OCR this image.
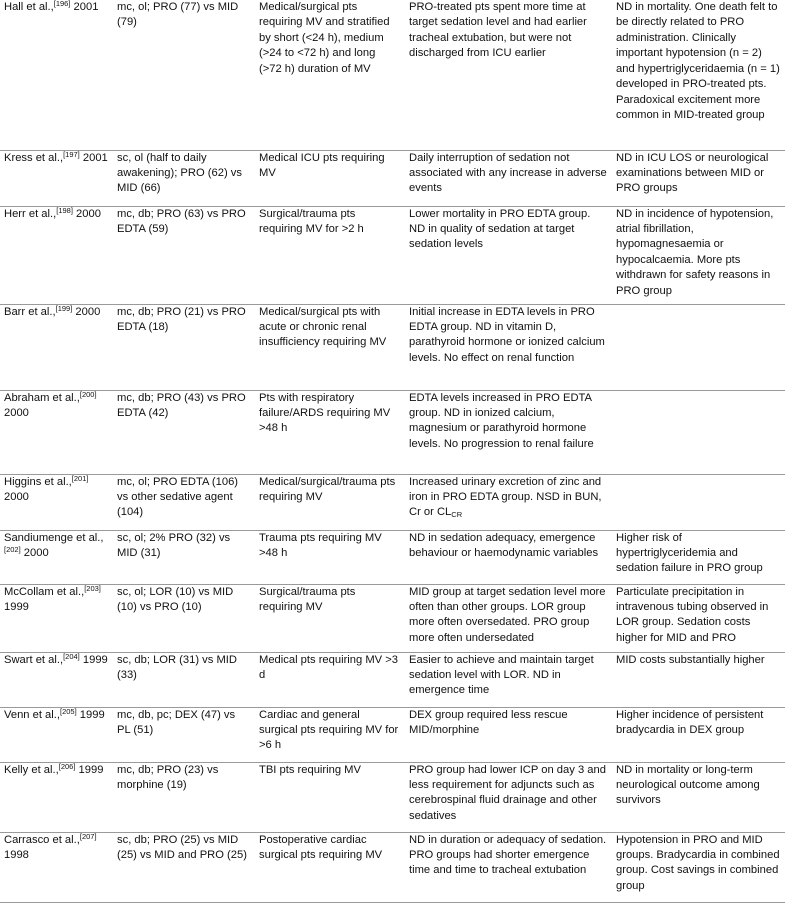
Hall et al.,[196] 2001	mc, ol; PRO (77) vs MID (79)	Medical/surgical pts requiring MV and stratified by short (<24 h), medium (>24 to <72 h) and long (>72 h) duration of MV	PRO-treated pts spent more time at target sedation level and had earlier tracheal extubation, but were not discharged from ICU earlier	ND in mortality. One death felt to be directly related to PRO administration. Clinically important hypotension (n = 2) and hypertriglyceridaemia (n = 1) developed in PRO-treated pts. Paradoxical excitement more common in MID-treated group
Kress et al.,[197] 2001	sc, ol (half to daily awakening); PRO (62) vs MID (66)	Medical ICU pts requiring MV	Daily interruption of sedation not associated with any increase in adverse events	ND in ICU LOS or neurological examinations between MID or PRO groups
Herr et al.,[198] 2000	mc, db; PRO (63) vs PRO EDTA (59)	Surgical/trauma pts requiring MV for >2 h	Lower mortality in PRO EDTA group. ND in quality of sedation at target sedation levels	ND in incidence of hypotension, atrial fibrillation, hypomagnesaemia or hypocalcaemia. More pts withdrawn for safety reasons in PRO group
Barr et al.,[199] 2000	mc, db; PRO (21) vs PRO EDTA (18)	Medical/surgical pts with acute or chronic renal insufficiency requiring MV	Initial increase in EDTA levels in PRO EDTA group. ND in vitamin D, parathyroid hormone or ionized calcium levels. No effect on renal function	
Abraham et al.,[200] 2000	mc, db; PRO (43) vs PRO EDTA (42)	Pts with respiratory failure/ARDS requiring MV >48 h	EDTA levels increased in PRO EDTA group. ND in ionized calcium, magnesium or parathyroid hormone levels. No progression to renal failure	
Higgins et al.,[201] 2000	mc, ol; PRO EDTA (106) vs other sedative agent (104)	Medical/surgical/trauma pts requiring MV	Increased urinary excretion of zinc and iron in PRO EDTA group. NSD in BUN, Cr or $CL_{CR}$	
Sandiumenge et al.,[202] 2000	sc, ol; 2% PRO (32) vs MID (31)	Trauma pts requiring MV >48 h	ND in sedation adequacy, emergence behaviour or haemodynamic variables	Higher risk of hypertriglyceridemia and sedation failure in PRO group
McCollam et al.,[203] 1999	sc, ol; LOR (10) vs MID (10) vs PRO (10)	Surgical/trauma pts requiring MV	MID group at target sedation level more often than other groups. LOR group more often oversedated. PRO group more often undersedated	Particulate precipitation in intravenous tubing observed in LOR group. Sedation costs higher for MID and PRO
Swart et al.,[204] 1999	sc, db; LOR (31) vs MID (33)	Medical pts requiring MV >3 d	Easier to achieve and maintain target sedation level with LOR. ND in emergence time	MID costs substantially higher
Venn et al.,[205] 1999	mc, db, pc; DEX (47) vs PL (51)	Cardiac and general surgical pts requiring MV for >6 h	DEX group required less rescue MID/morphine	Higher incidence of persistent bradycardia in DEX group
Kelly et al.,[206] 1999	mc, db; PRO (23) vs morphine (19)	TBI pts requiring MV	PRO group had lower ICP on day 3 and less requirement for adjuncts such as cerebrospinal fluid drainage and other sedatives	ND in mortality or long-term neurological outcome among survivors
Carrasco et al.,[207] 1998	sc, db; PRO (25) vs MID (25) vs MID and PRO (25)	Postoperative cardiac surgical pts requiring MV	ND in duration or adequacy of sedation. PRO groups had shorter emergence time and time to tracheal extubation	Hypotension in PRO and MID groups. Bradycardia in combined group. Cost savings in combined group
